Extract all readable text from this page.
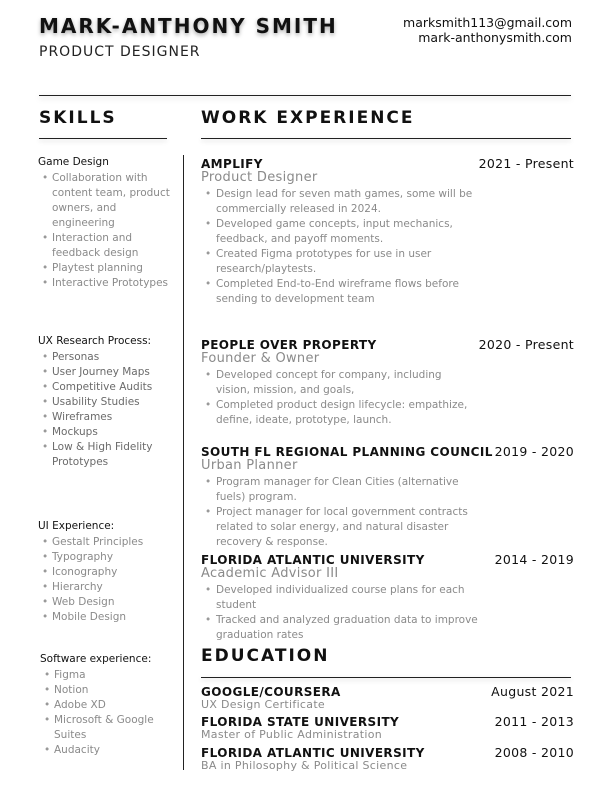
MARK-ANTHONY SMITH
PRODUCT DESIGNER
marksmith113@gmail.com
mark-anthonysmith.com
SKILLS	WORK EXPERIENCE
Game Design
• Collaboration with content team, product owners, and engineering
• Interaction and feedback design
• Playtest planning
• Interactive Prototypes
UX Research Process:
• Personas
• User Journey Maps
• Competitive Audits
• Usability Studies
• Wireframes
• Mockups
• Low & High Fidelity Prototypes
UI Experience:
• Gestalt Principles
• Typography
• Iconography
• Hierarchy
• Web Design
• Mobile Design
Software experience:
• Figma
• Notion
• Adobe XD
• Microsoft & Google Suites
• Audacity
AMPLIFY	2021 - Present
Product Designer
• Design lead for seven math games, some will be commercially released in 2024.
• Developed game concepts, input mechanics, feedback, and payoff moments.
• Created Figma prototypes for use in user research/playtests.
• Completed End-to-End wireframe flows before sending to development team
PEOPLE OVER PROPERTY	2020 - Present
Founder & Owner
• Developed concept for company, including vision, mission, and goals,
• Completed product design lifecycle: empathize, define, ideate, prototype, launch.
SOUTH FL REGIONAL PLANNING COUNCIL 2019 - 2020
Urban Planner
• Program manager for Clean Cities (alternative fuels) program.
• Project manager for local government contracts related to solar energy, and natural disaster recovery & response.
FLORIDA ATLANTIC UNIVERSITY	2014 - 2019
Academic Advisor III
• Developed individualized course plans for each student
• Tracked and analyzed graduation data to improve graduation rates
EDUCATION
GOOGLE/COURSERA	August 2021
UX Design Certificate
FLORIDA STATE UNIVERSITY	2011 - 2013
Master of Public Administration
FLORIDA ATLANTIC UNIVERSITY	2008 - 2010
BA in Philosophy & Political Science
